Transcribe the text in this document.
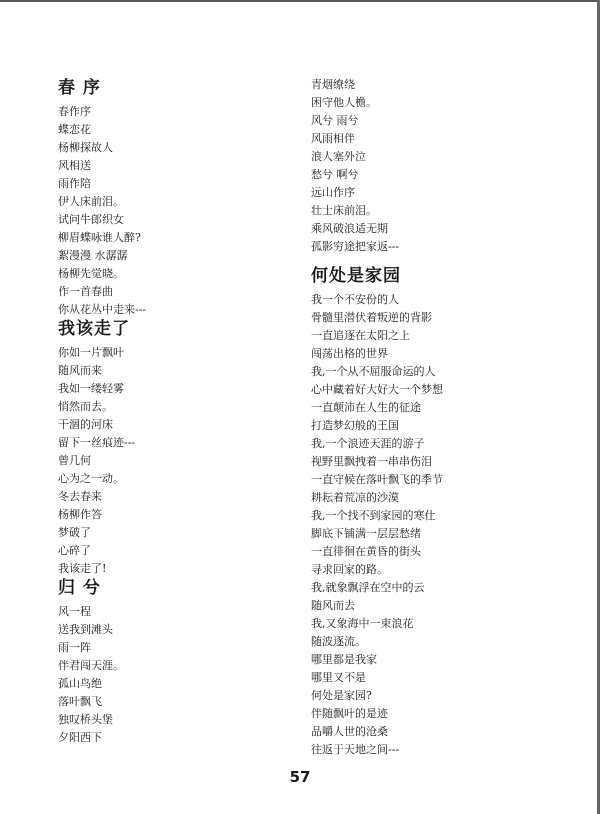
春 序
春作序
蝶恋花
杨柳探故人
风相送
雨作陪
伊人床前泪。
试问牛郎织女
柳眉蝶咏谁人醉?
絮漫漫 水潺潺
杨柳先觉晓。
作一首春曲
你从花丛中走来---
我该走了
你如一片飘叶
随风而来
我如一缕轻雾
悄然而去。
干涸的河床
留下一丝痕迹---
曾几何
心为之一动。
冬去春来
杨柳作答
梦破了
心碎了
我该走了!
归 兮
风一程
送我到滩头
雨一阵
伴君闯天涯。
孤山鸟绝
落叶飘飞
独叹桥头堡
夕阳西下
青烟缭绕
困守他人檐。
风兮 雨兮
风雨相伴
浪人塞外泣
愁兮 啊兮
远山作序
壮士床前泪。
乘风破浪适无期
孤影穷途把家返---
何处是家园
我一个不安份的人
骨髓里潜伏着叛逆的背影
一直追逐在太阳之上
闯荡出格的世界
我,一个从不屈服命运的人
心中藏着好大好大一个梦想
一直颠沛在人生的征途
打造梦幻般的王国
我,一个浪迹天涯的游子
视野里飘拽着一串串伤泪
一直守候在落叶飘飞的季节
耕耘着荒凉的沙漠
我,一个找不到家园的寒仕
脚底下铺满一层层愁绪
一直徘徊在黄昏的街头
寻求回家的路。
我,就象飘浮在空中的云
随风而去
我,又象海中一束浪花
随波逐流。
哪里都是我家
哪里又不是
何处是家园?
伴随飘叶的是迹
品嚼人世的沧桑
往返于天地之间---
57
